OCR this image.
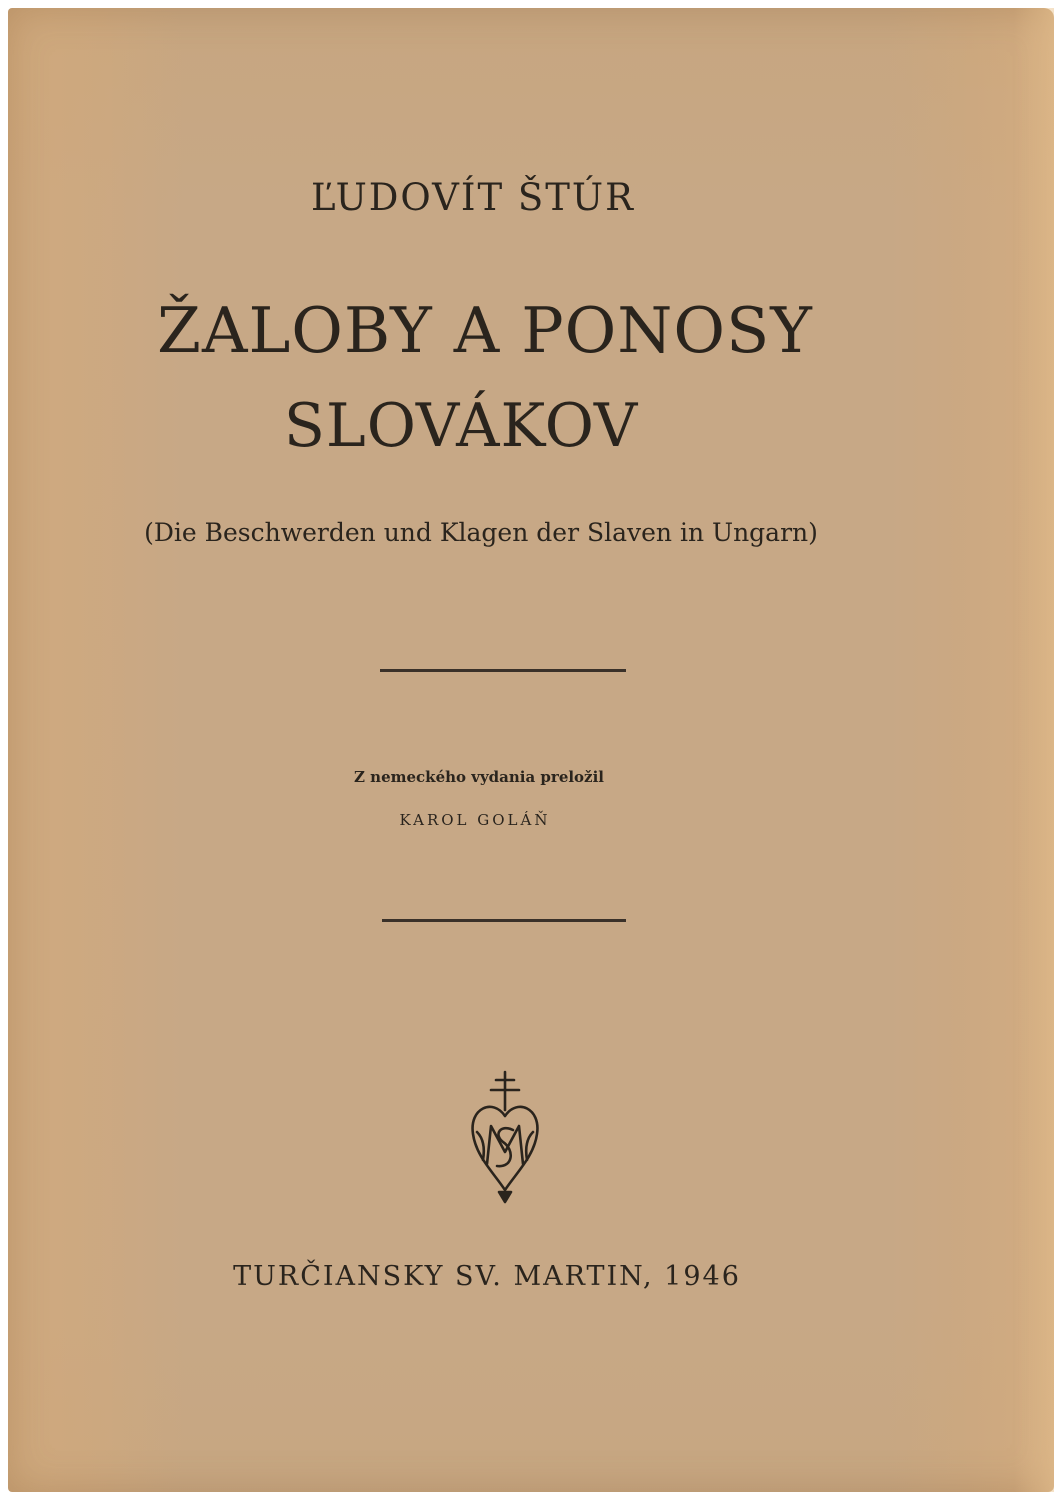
ĽUDOVÍT ŠTÚR

ŽALOBY A PONOSY

SLOVÁKOV

(Die Beschwerden und Klagen der Slaven in Ungarn)

Z nemeckého vydania preložil

KAROL GOLÁŇ

TURČIANSKY SV. MARTIN, 1946
